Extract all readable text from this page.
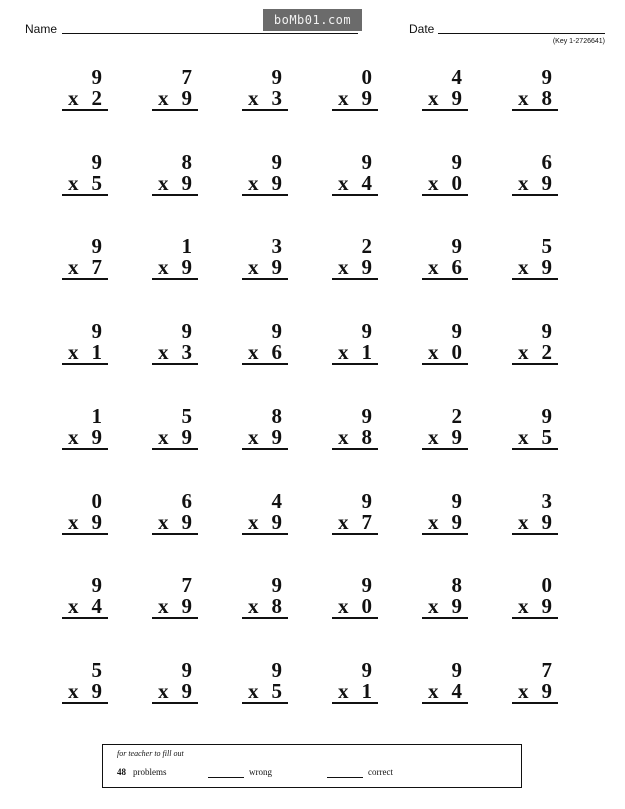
Name
boMb01.com
Date
(Key 1-2726641)
9
x 2
7
x 9
9
x 3
0
x 9
4
x 9
9
x 8
9
x 5
8
x 9
9
x 9
9
x 4
9
x 0
6
x 9
9
x 7
1
x 9
3
x 9
2
x 9
9
x 6
5
x 9
9
x 1
9
x 3
9
x 6
9
x 1
9
x 0
9
x 2
1
x 9
5
x 9
8
x 9
9
x 8
2
x 9
9
x 5
0
x 9
6
x 9
4
x 9
9
x 7
9
x 9
3
x 9
9
x 4
7
x 9
9
x 8
9
x 0
8
x 9
0
x 9
5
x 9
9
x 9
9
x 5
9
x 1
9
x 4
7
x 9
for teacher to fill out
48 problems	wrong	correct
